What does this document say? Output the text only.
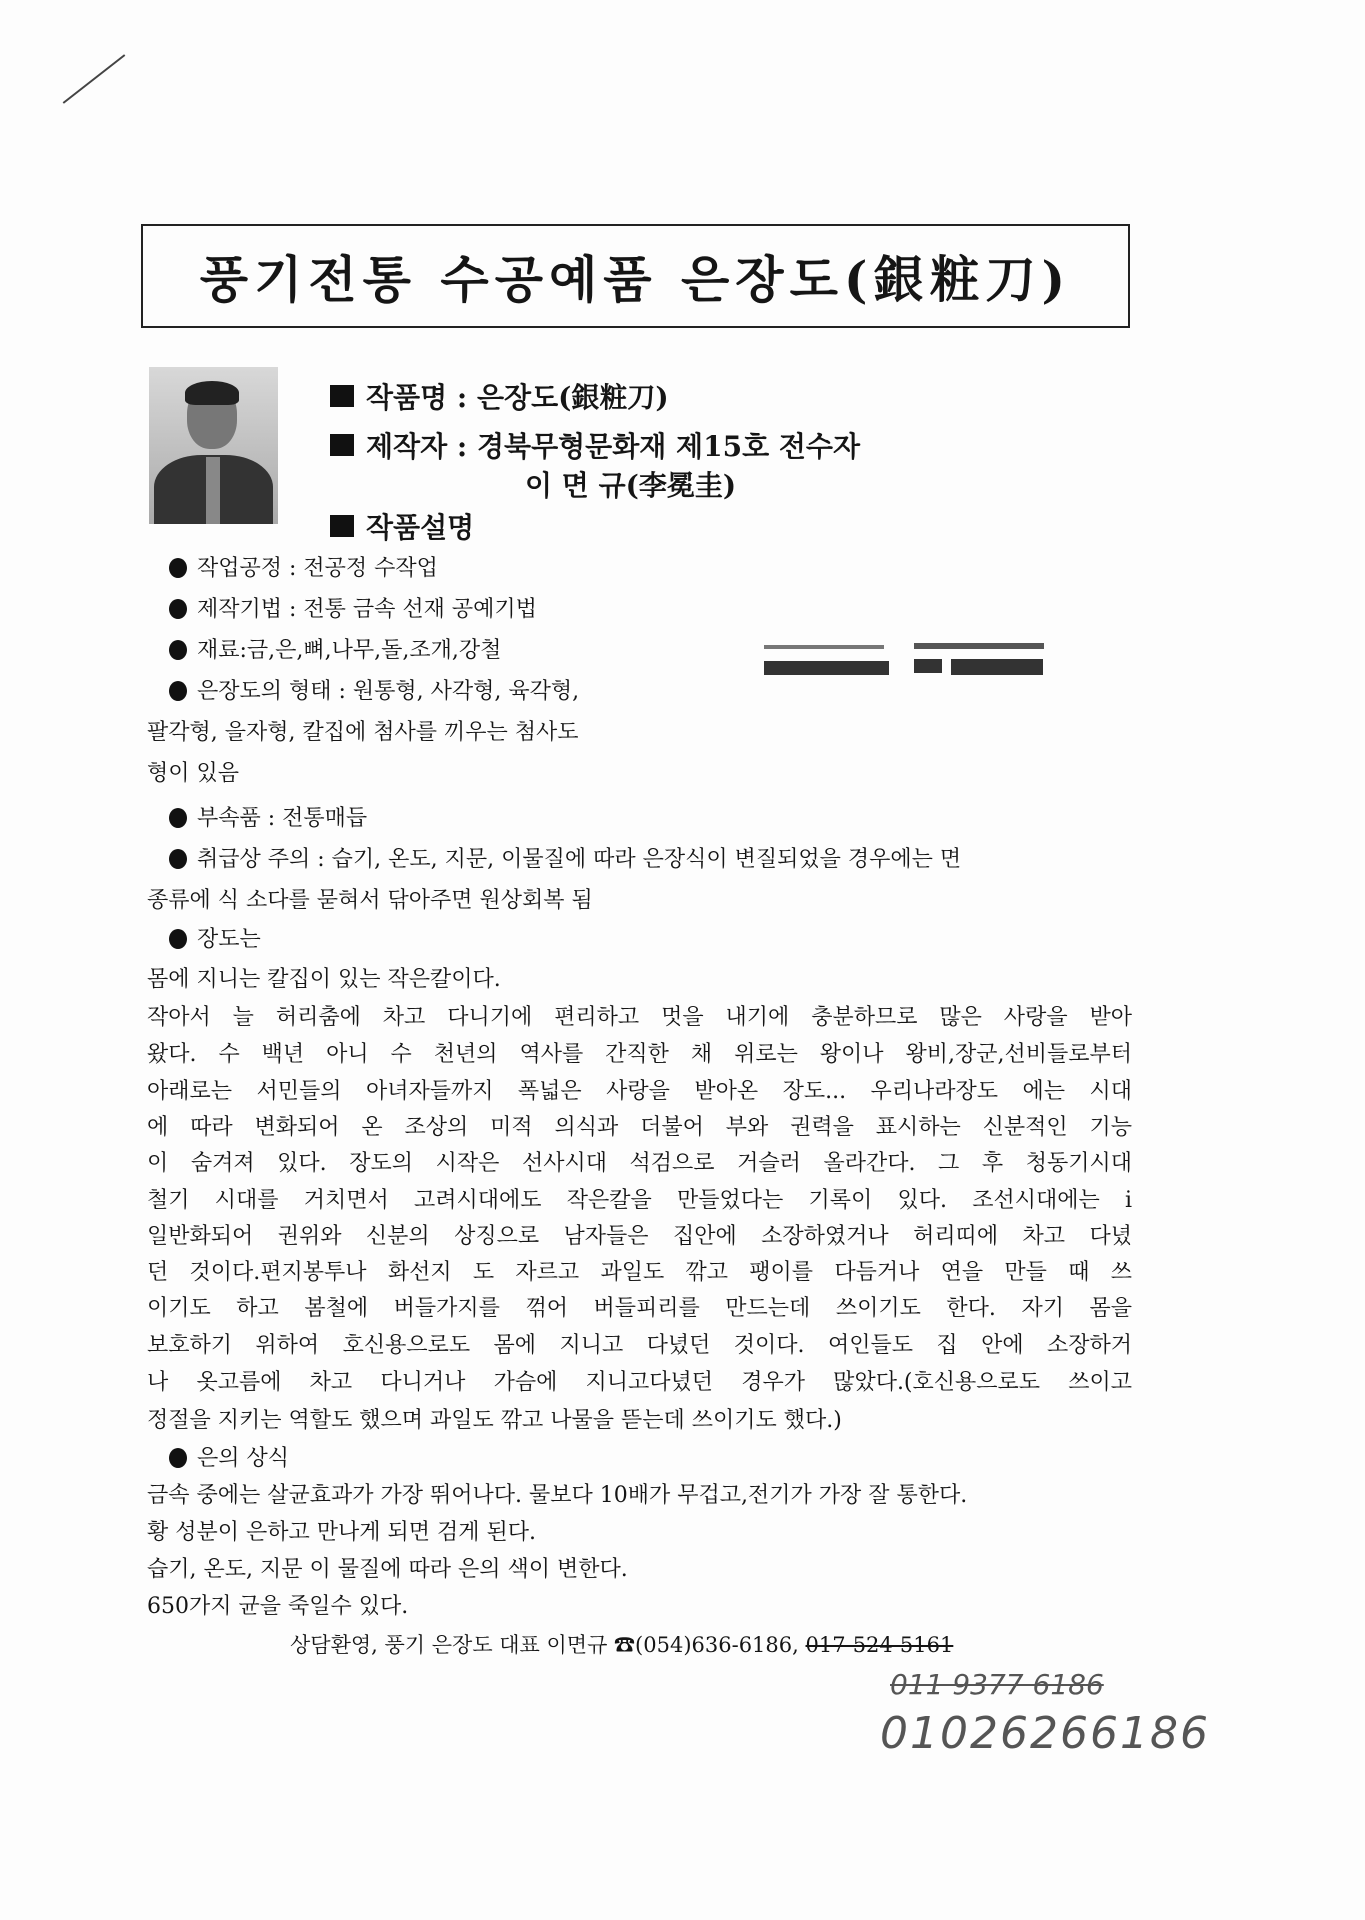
풍기전통 수공예품 은장도(銀粧刀)
작품명 : 은장도(銀粧刀)
제작자 : 경북무형문화재 제15호 전수자
이 면 규(李冕圭)
작품설명
작업공정 : 전공정 수작업
제작기법 : 전통 금속 선재 공예기법
재료:금,은,뼈,나무,돌,조개,강철
은장도의 형태 : 원통형, 사각형, 육각형,
팔각형, 을자형, 칼집에 첨사를 끼우는 첨사도
형이 있음
부속품 : 전통매듭
취급상 주의 : 습기, 온도, 지문, 이물질에 따라 은장식이 변질되었을 경우에는 면
종류에 식 소다를 묻혀서 닦아주면 원상회복 됨
장도는
몸에 지니는 칼집이 있는 작은칼이다.
작아서 늘 허리춤에 차고 다니기에 편리하고 멋을 내기에 충분하므로 많은 사랑을 받아
왔다. 수 백년 아니 수 천년의 역사를 간직한 채 위로는 왕이나 왕비,장군,선비들로부터
아래로는 서민들의 아녀자들까지 폭넓은 사랑을 받아온 장도... 우리나라장도 에는 시대
에 따라 변화되어 온 조상의 미적 의식과 더불어 부와 권력을 표시하는 신분적인 기능
이 숨겨져 있다. 장도의 시작은 선사시대 석검으로 거슬러 올라간다. 그 후 청동기시대
철기 시대를 거치면서 고려시대에도 작은칼을 만들었다는 기록이 있다. 조선시대에는 i
일반화되어 권위와 신분의 상징으로 남자들은 집안에 소장하였거나 허리띠에 차고 다녔
던 것이다.편지봉투나 화선지 도 자르고 과일도 깎고 팽이를 다듬거나 연을 만들 때 쓰
이기도 하고 봄철에 버들가지를 꺾어 버들피리를 만드는데 쓰이기도 한다. 자기 몸을
보호하기 위하여 호신용으로도 몸에 지니고 다녔던 것이다. 여인들도 집 안에 소장하거
나 옷고름에 차고 다니거나 가슴에 지니고다녔던 경우가 많았다.(호신용으로도 쓰이고
정절을 지키는 역할도 했으며 과일도 깎고 나물을 뜯는데 쓰이기도 했다.)
은의 상식
금속 중에는 살균효과가 가장 뛰어나다. 물보다 10배가 무겁고,전기가 가장 잘 통한다.
황 성분이 은하고 만나게 되면 검게 된다.
습기, 온도, 지문 이 물질에 따라 은의 색이 변한다.
650가지 균을 죽일수 있다.
상담환영, 풍기 은장도 대표 이면규 ☎(054)636-6186, 017-524-5161
011 9377 6186
01026266186
